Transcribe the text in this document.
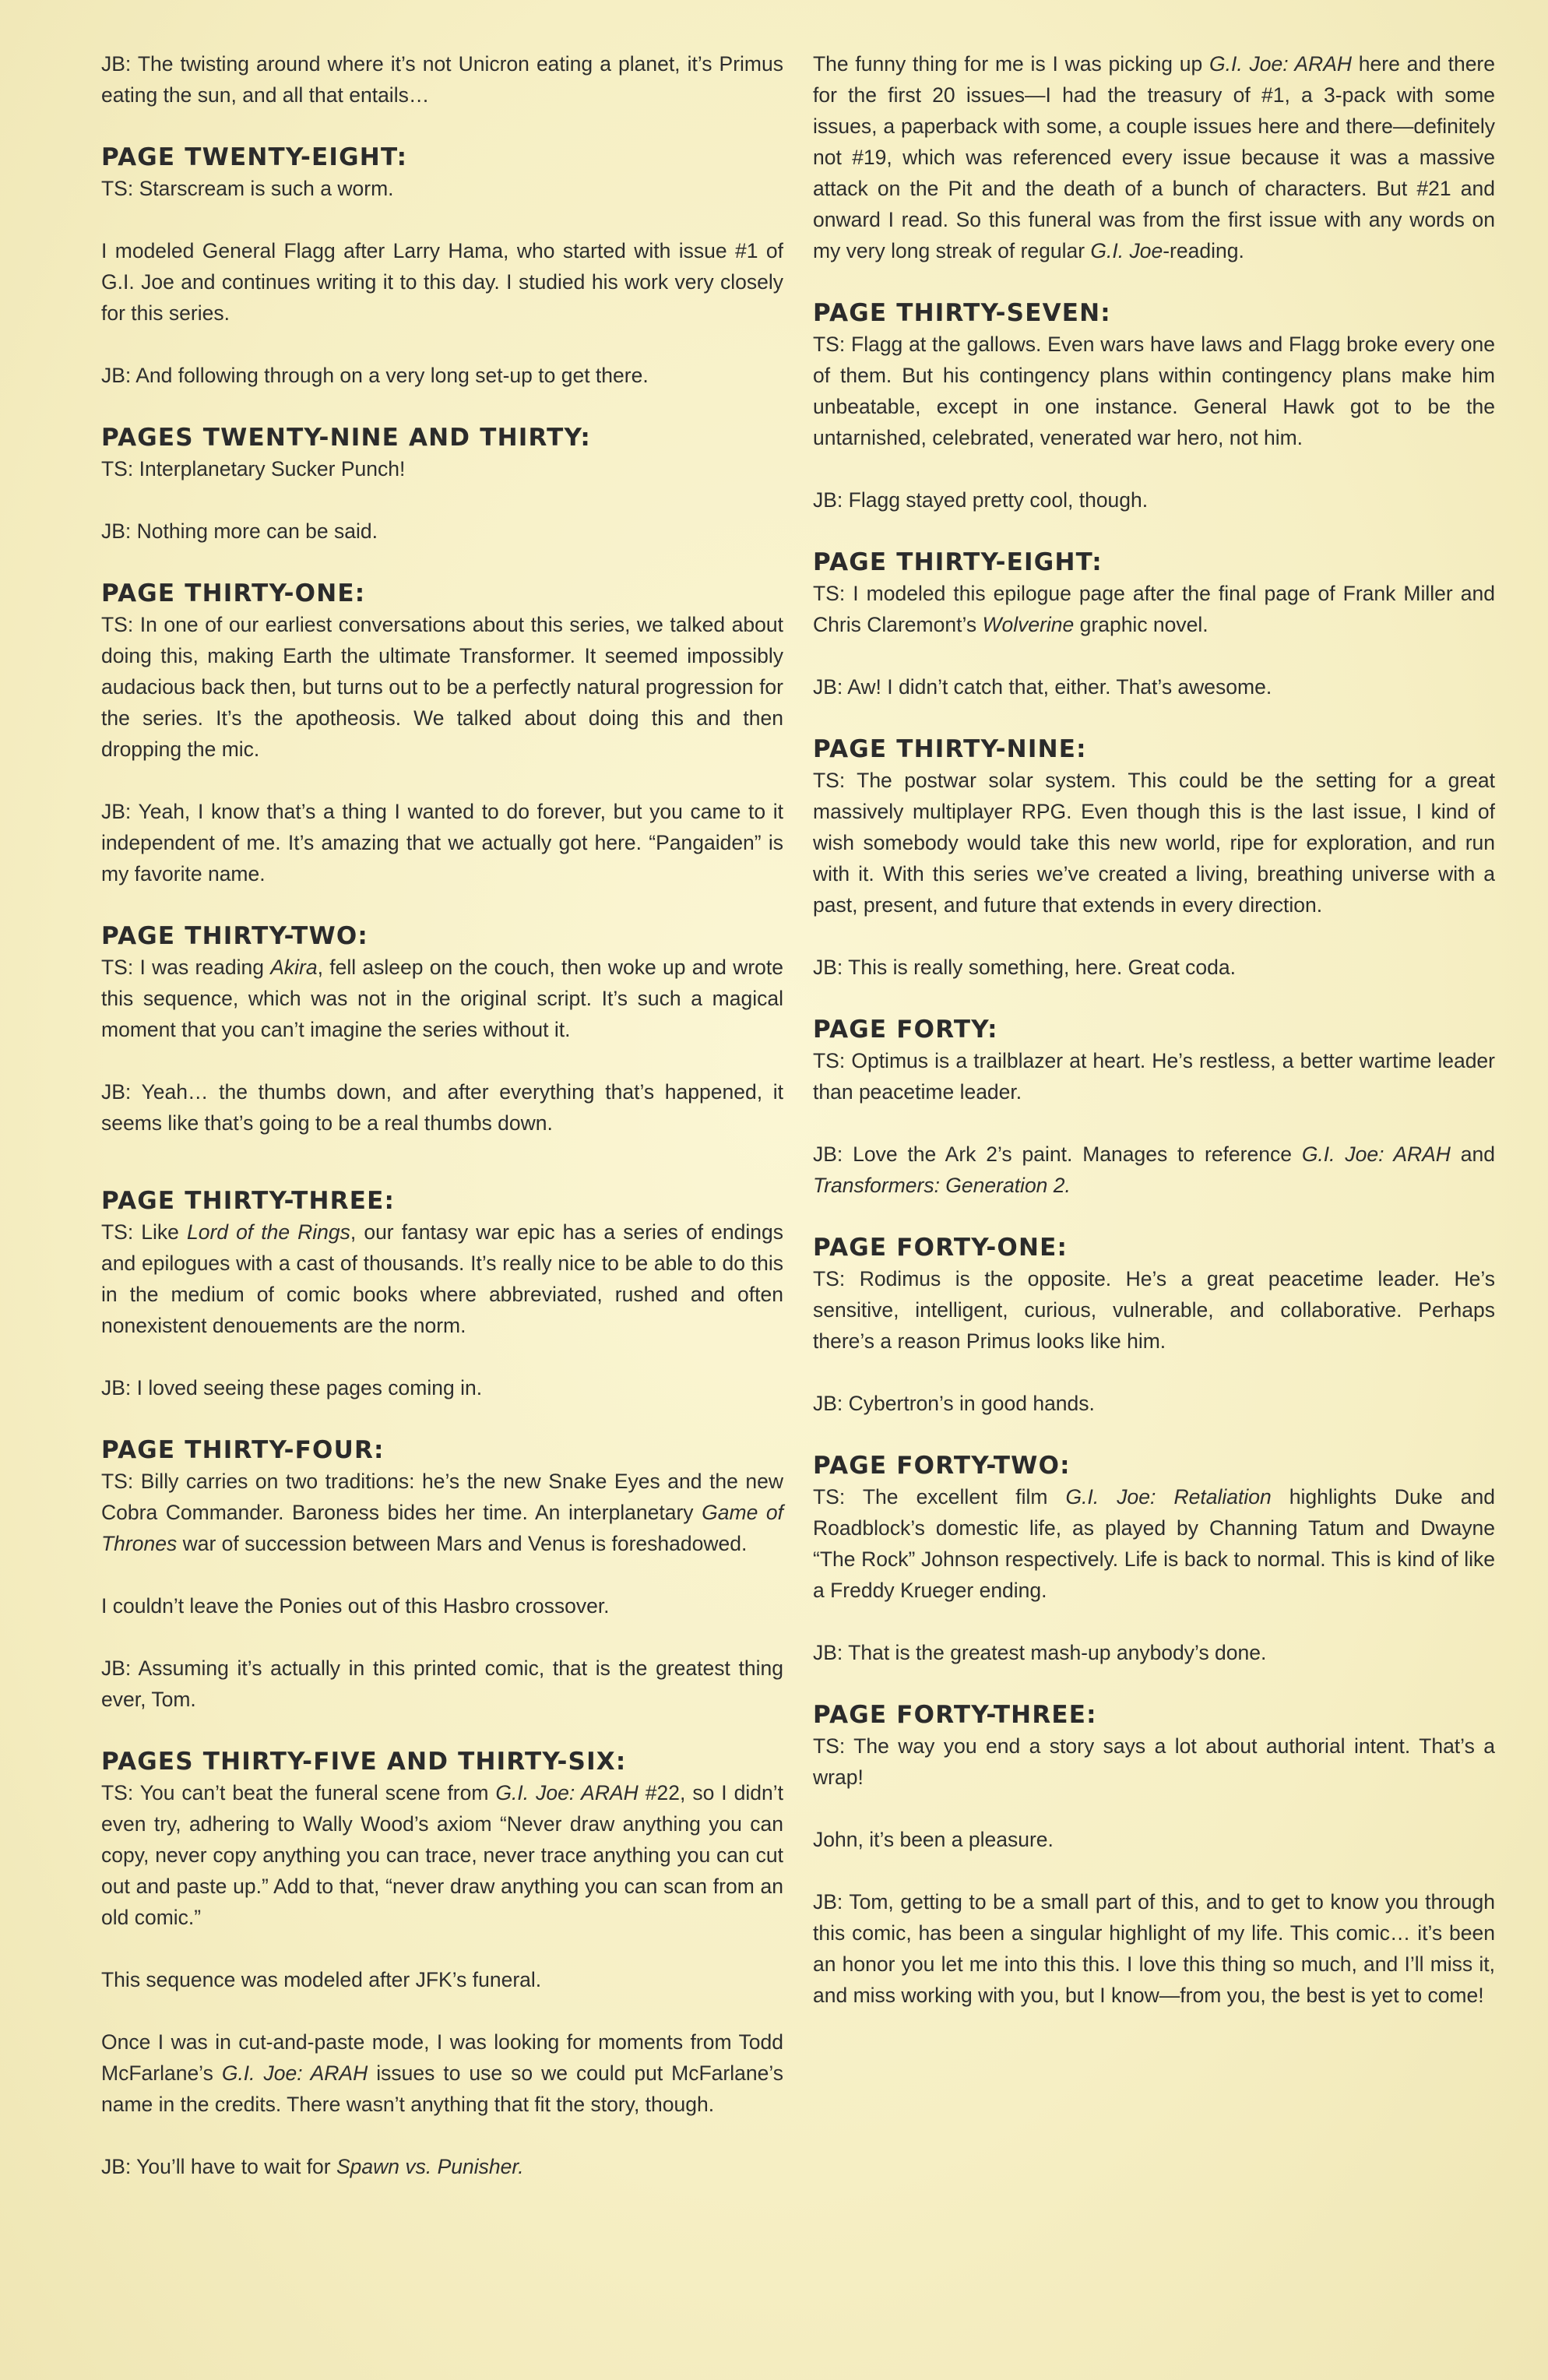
JB: The twisting around where it’s not Unicron eating a planet, it’s Primus eating the sun, and all that entails…

PAGE TWENTY-EIGHT:

TS: Starscream is such a worm.

I modeled General Flagg after Larry Hama, who started with issue #1 of G.I. Joe and continues writing it to this day. I studied his work very closely for this series.

JB: And following through on a very long set-up to get there.

PAGES TWENTY-NINE AND THIRTY:

TS: Interplanetary Sucker Punch!

JB: Nothing more can be said.

PAGE THIRTY-ONE:

TS: In one of our earliest conversations about this series, we talked about doing this, making Earth the ultimate Transformer. It seemed impossibly audacious back then, but turns out to be a perfectly natural progression for the series. It’s the apotheosis. We talked about doing this and then dropping the mic.

JB: Yeah, I know that’s a thing I wanted to do forever, but you came to it independent of me. It’s amazing that we actually got here. “Pangaiden” is my favorite name.

PAGE THIRTY-TWO:

TS: I was reading Akira, fell asleep on the couch, then woke up and wrote this sequence, which was not in the original script. It’s such a magical moment that you can’t imagine the series without it.

JB: Yeah… the thumbs down, and after everything that’s happened, it seems like that’s going to be a real thumbs down.

PAGE THIRTY-THREE:

TS: Like Lord of the Rings, our fantasy war epic has a series of endings and epilogues with a cast of thousands. It’s really nice to be able to do this in the medium of comic books where abbreviated, rushed and often nonexistent denouements are the norm.

JB: I loved seeing these pages coming in.

PAGE THIRTY-FOUR:

TS: Billy carries on two traditions: he’s the new Snake Eyes and the new Cobra Commander. Baroness bides her time. An interplanetary Game of Thrones war of succession between Mars and Venus is foreshadowed.

I couldn’t leave the Ponies out of this Hasbro crossover.

JB: Assuming it’s actually in this printed comic, that is the greatest thing ever, Tom.

PAGES THIRTY-FIVE AND THIRTY-SIX:

TS: You can’t beat the funeral scene from G.I. Joe: ARAH #22, so I didn’t even try, adhering to Wally Wood’s axiom “Never draw anything you can copy, never copy anything you can trace, never trace anything you can cut out and paste up.” Add to that, “never draw anything you can scan from an old comic.”

This sequence was modeled after JFK’s funeral.

Once I was in cut-and-paste mode, I was looking for moments from Todd McFarlane’s G.I. Joe: ARAH issues to use so we could put McFarlane’s name in the credits. There wasn’t anything that fit the story, though.

JB: You’ll have to wait for Spawn vs. Punisher.

The funny thing for me is I was picking up G.I. Joe: ARAH here and there for the first 20 issues—I had the treasury of #1, a 3-pack with some issues, a paperback with some, a couple issues here and there—definitely not #19, which was referenced every issue because it was a massive attack on the Pit and the death of a bunch of characters. But #21 and onward I read. So this funeral was from the first issue with any words on my very long streak of regular G.I. Joe-reading.

PAGE THIRTY-SEVEN:

TS: Flagg at the gallows. Even wars have laws and Flagg broke every one of them. But his contingency plans within contingency plans make him unbeatable, except in one instance. General Hawk got to be the untarnished, celebrated, venerated war hero, not him.

JB: Flagg stayed pretty cool, though.

PAGE THIRTY-EIGHT:

TS: I modeled this epilogue page after the final page of Frank Miller and Chris Claremont’s Wolverine graphic novel.

JB: Aw! I didn’t catch that, either. That’s awesome.

PAGE THIRTY-NINE:

TS: The postwar solar system. This could be the setting for a great massively multiplayer RPG. Even though this is the last issue, I kind of wish somebody would take this new world, ripe for exploration, and run with it. With this series we’ve created a living, breathing universe with a past, present, and future that extends in every direction.

JB: This is really something, here. Great coda.

PAGE FORTY:

TS: Optimus is a trailblazer at heart. He’s restless, a better wartime leader than peacetime leader.

JB: Love the Ark 2’s paint. Manages to reference G.I. Joe: ARAH and Transformers: Generation 2.

PAGE FORTY-ONE:

TS: Rodimus is the opposite. He’s a great peacetime leader. He’s sensitive, intelligent, curious, vulnerable, and collaborative. Perhaps there’s a reason Primus looks like him.

JB: Cybertron’s in good hands.

PAGE FORTY-TWO:

TS: The excellent film G.I. Joe: Retaliation highlights Duke and Roadblock’s domestic life, as played by Channing Tatum and Dwayne “The Rock” Johnson respectively. Life is back to normal. This is kind of like a Freddy Krueger ending.

JB: That is the greatest mash-up anybody’s done.

PAGE FORTY-THREE:

TS: The way you end a story says a lot about authorial intent. That’s a wrap!

John, it’s been a pleasure.

JB: Tom, getting to be a small part of this, and to get to know you through this comic, has been a singular highlight of my life. This comic… it’s been an honor you let me into this this. I love this thing so much, and I’ll miss it, and miss working with you, but I know—from you, the best is yet to come!
